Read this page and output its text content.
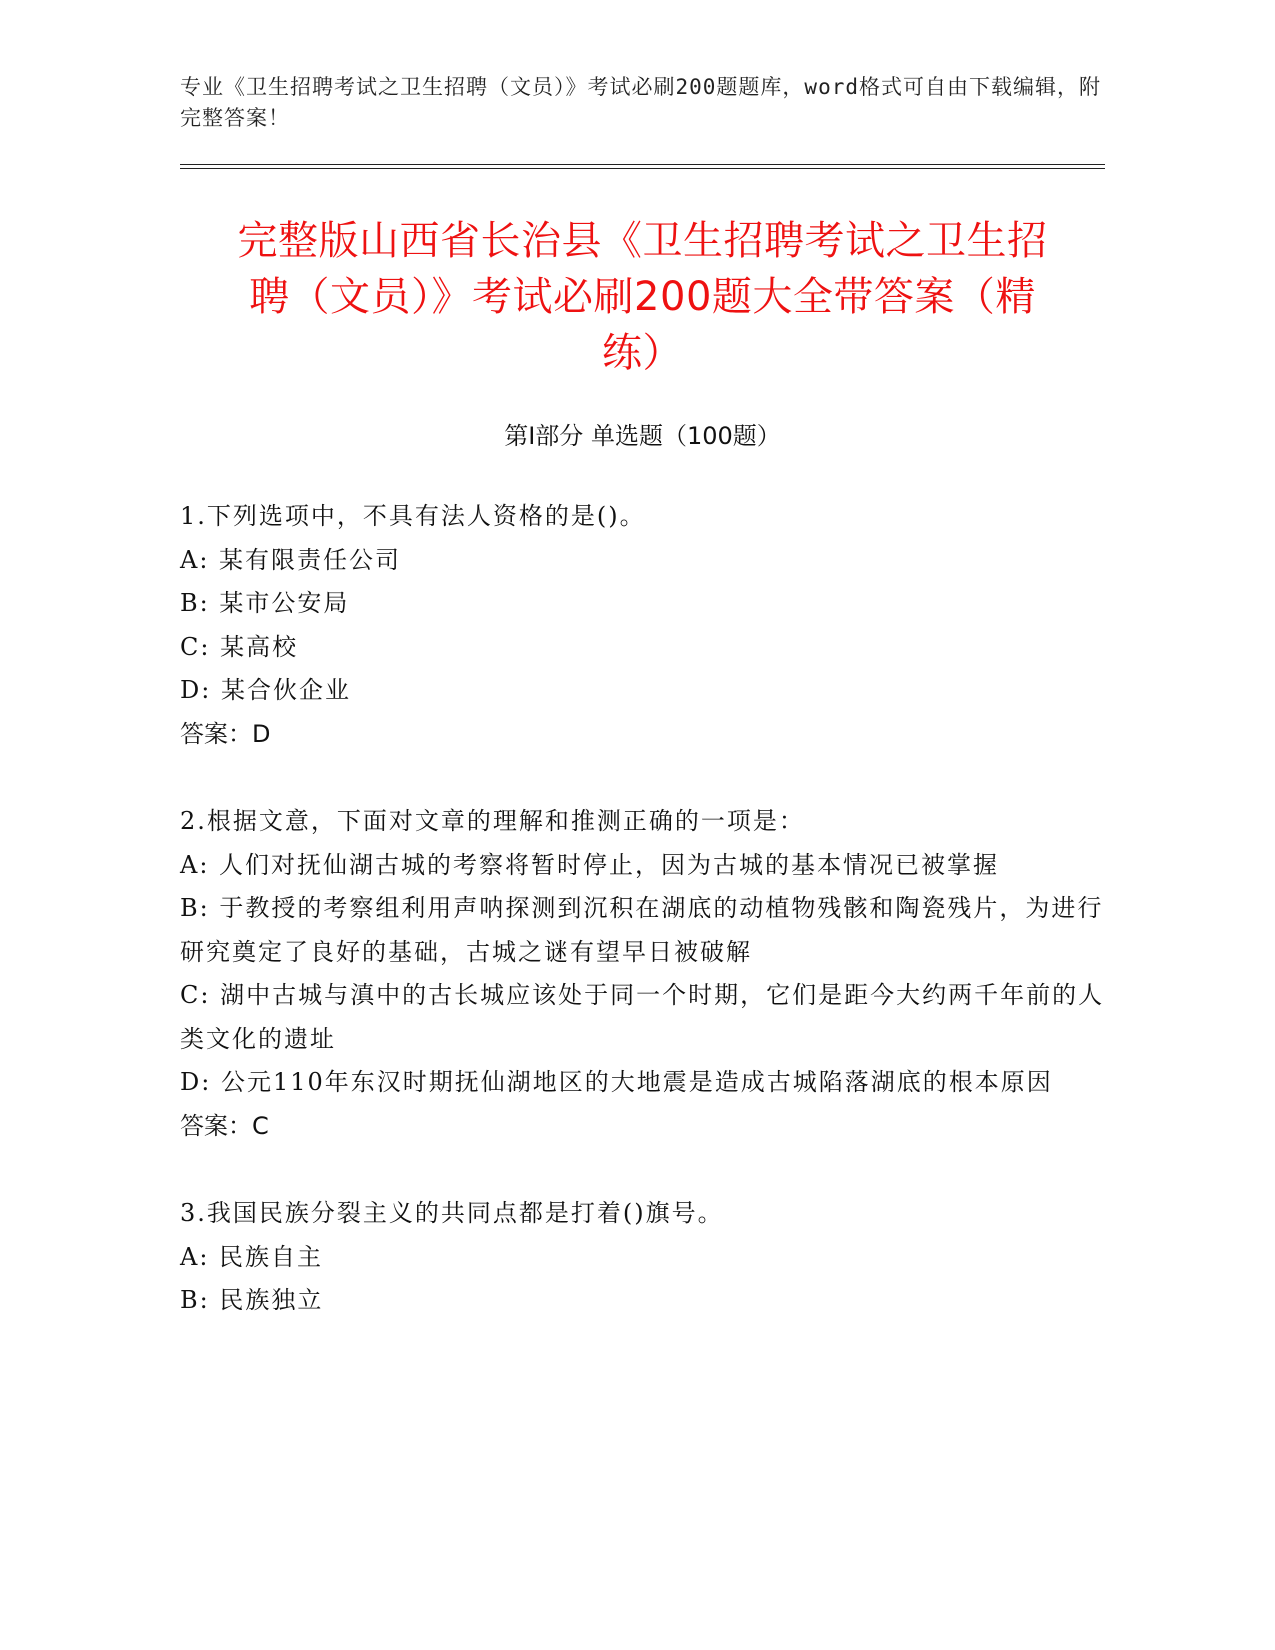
专业《卫生招聘考试之卫生招聘（文员）》考试必刷200题题库，word格式可自由下载编辑，附完整答案！
完整版山西省长治县《卫生招聘考试之卫生招聘（文员）》考试必刷200题大全带答案（精练）
第Ⅰ部分 单选题（100题）
1.下列选项中，不具有法人资格的是()。
A: 某有限责任公司
B: 某市公安局
C: 某高校
D: 某合伙企业
答案：D
2.根据文意，下面对文章的理解和推测正确的一项是：
A: 人们对抚仙湖古城的考察将暂时停止，因为古城的基本情况已被掌握
B: 于教授的考察组利用声呐探测到沉积在湖底的动植物残骸和陶瓷残片，为进行研究奠定了良好的基础，古城之谜有望早日被破解
C: 湖中古城与滇中的古长城应该处于同一个时期，它们是距今大约两千年前的人类文化的遗址
D: 公元110年东汉时期抚仙湖地区的大地震是造成古城陷落湖底的根本原因
答案：C
3.我国民族分裂主义的共同点都是打着()旗号。
A: 民族自主
B: 民族独立
